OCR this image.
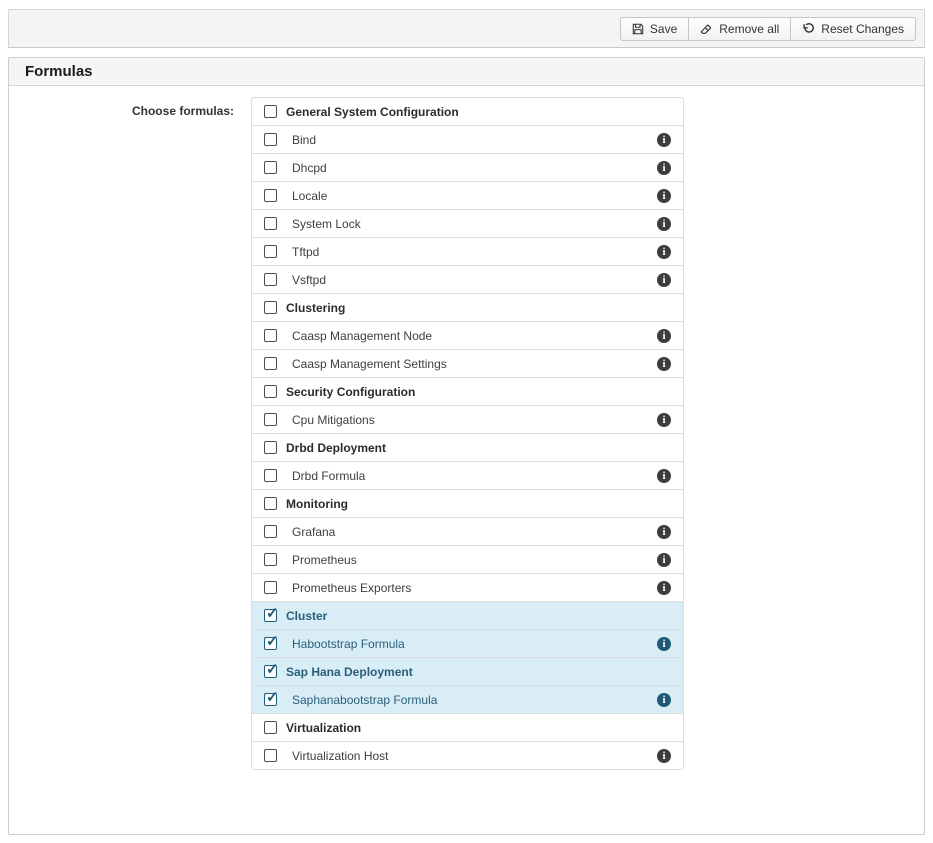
Save	Remove all	Reset Changes
Formulas
Choose formulas:	General System Configuration
Bind	i
Dhcpd	i
Locale	i
System Lock	i
Tftpd	i
Vsftpd	i
Clustering
Caasp Management Node	i
Caasp Management Settings	i
Security Configuration
Cpu Mitigations	i
Drbd Deployment
Drbd Formula	i
Monitoring
Grafana	i
Prometheus	i
Prometheus Exporters	i
✓
Cluster
✓
Habootstrap Formula	i
✓
Sap Hana Deployment
✓
Saphanabootstrap Formula	i
Virtualization
Virtualization Host	i
